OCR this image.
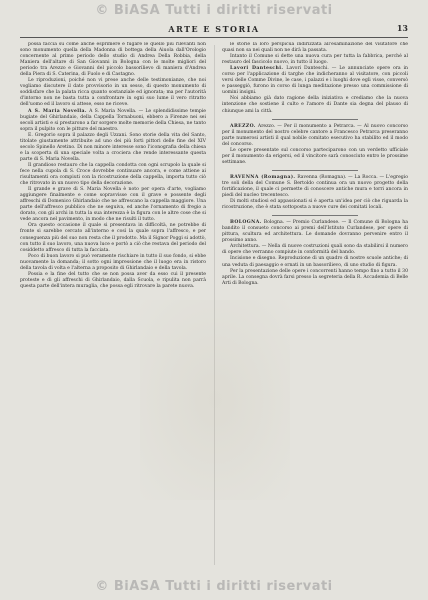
© BiASA Tutti i diritti riservati
ARTE E STORIA	13

possa faccia su come anche esprimere e fugare le quello più rilevanti non sono monumento quella della Madonna di bottega della Aiuola dall'Orologio concernente al primo periodo dello studio di Andrea Della Robbia, della Maniera dell'altare di San Giovanni in Bologna con le molte migliori del periodo tra Arezzo e Giovanni del piccolo bassorilievo di maniera d'Andrea della Piera di S. Caterina, di Fuolo e di Castagno.

Le riproduzioni, poiché non vi prese anche delle testimonianze, che noi vogliamo discutere il dato provvisorio in un sesso, di questo monumento di soddisfare che la palata ricca quanto sostanziale ed ignorata; ma per l'autorità d'intorno non ne basta tutta a confrontare in ogni suo lume il vero ritratto dell'uomo ed il lavoro si attese, esso ne riceve.

A S. Maria Novella. A S. Maria Novella. — Le splendidissime tempie bugiate del Ghirlandaio, della Cappella Tornabuoni, ebbero a Firenze nei sei secoli artisti e si prestarono a far sorgere molte memorie della Chiesa, ne tanto sopra il pulpito con le pitture del maestro.

E. Gregorio sopra il palazzo degli Uzzani. Sono storie della vita del Santo, titolate giustamente attribuite ad uno dei più forti pittori delle fine del XIV secolo Spinello Aretino. Di non minore interesse sono l'iconografia della chiesa e la scoperta di una speciale volta a crociera che rende interessante questa parte di S. Maria Novella.

Il grandioso restauro che la cappella condotta con ogni scrupolo la quale si fece nella cupola di S. Croce dovrebbe continuare ancora, e come attiene ai risultamenti ora compiuti con la ricostruzione della cappella, importa tutto ciò che ritrovato in un nuovo tipo della decorazione.

Il grande e grave di S. Maria Novella è noto per opera d'arte, vogliamo aggiungere finalmente e come sopravvisse con il grave e possente degli affreschi di Domenico Ghirlandaio che ne affrescano la cappella maggiore. Una parte dell'affresco pubblico che ne seguiva, ed anche l'ornamento di fregio a dorato, con gli archi in tutta la sua interezza è la figura con le altre cose che si vede ancora nel pavimento, in modo che ne risulti il tutto.

Ora questo occasione il quale si presentava in difficoltà, ne potrebbe di fronte si sarebbe cercato all'interno e così la quale sopra l'affresco, e per conseguenza più del suo non resta che il prodotto. Ma il Signor Poggi si adottò, con tutto il suo lavoro, una nuova luce e portò a ciò che restava del periodo del cosiddetto affresco di tutta la facciata.

Poco di buon lavoro si può veramente rischiare in tutto il suo fondo, si ebbe nuovamente la domanda; il sotto ogni impressione che il luogo era in ristoro della tavola di volta e l'alterna a proposito di Ghirlandaio e della tavola.

Possia e la fine del tutto che se non possa aver da esso cui il presente proteste e di gli affreschi di Ghirlandaio, dalla Scuola, e ripulita non parrà questa parte dell'intera muraglia, che possa egli ritrovare la parete nuova.

le storie la loro perspicua indirizzata all'esaminazione del visitatore che quasi non sa nei quali non ne dirà la passata.

Intanto il Comune si dette una nuova cura per tutta la fabbrica, perché al restauro del fascicolo nuovo, in tutto il luogo.

Lavori Danteschi. Lavori Danteschi. — Le annunciate opere ora in corso per l'applicazione di targhe che indicheranno al visitatore, con piccoli versi delle Comme Divine, le case, i palazzi e i luoghi dove egli visse, conversò e passeggiò, furono in corso di lunga meditazione presso una commissione di uomini insigni.

Noi abbiamo già dato ragione della iniziativa e crediamo che la nuova intenzione che sostiene il culto e l'amore di Dante sia degna del plauso di chiunque ami la città.

AREZZO. Arezzo. — Per il monumento a Petrarca. — Al nuovo concorso per il monumento del nostro celebre cantore a Francesco Petrarca preseranno parte numerosi artisti il qual nobile comitato esecutivo ha stabilito ed il modo del concorso.

Le opere presentate sul concorso parteciparono con un verdetto ufficiale per il monumento da erigersi, ed il vincitore sarà conosciuto entro le prossime settimane.

RAVENNA (Romagna). Ravenna (Romagna). — La Rocca. — L'egregio tre soli della del Comune S. Bertoldo continua ora un nuovo progetto della fortificazione, il quale ci permette di conoscere antiche mura e torri ancora in piedi del nucleo trecentesco.

Di molti studiosi ed appassionati si è aperta un'idea per ciò che riguarda la ricostruzione, che è stata sottoposta a nuove cure dei comitati locali.

BOLOGNA. Bologna. — Premio Curlandese. — Il Comune di Bologna ha bandito il consueto concorso ai premi dell'Istituto Curlandese, per opere di pittura, scultura ed architettura. Le domande dovranno pervenire entro il prossimo anno.

Architettura. — Nella di nuove costruzioni quali sono da stabilirsi il numero di opere che verranno compiute in conformità del bando.

Incisione e disegno. Reproduzione di un quadro di nostre scuole antiche; di una veduta di paesaggio e ornati in un bassorilievo, di uno studio di figura.

Per la presentazione delle opere i concorrenti hanno tempo fino a tutto il 30 aprile. La consegna dovrà farsi presso la segreteria della R. Accademia di Belle Arti di Bologna.

© BiASA Tutti i diritti riservati
